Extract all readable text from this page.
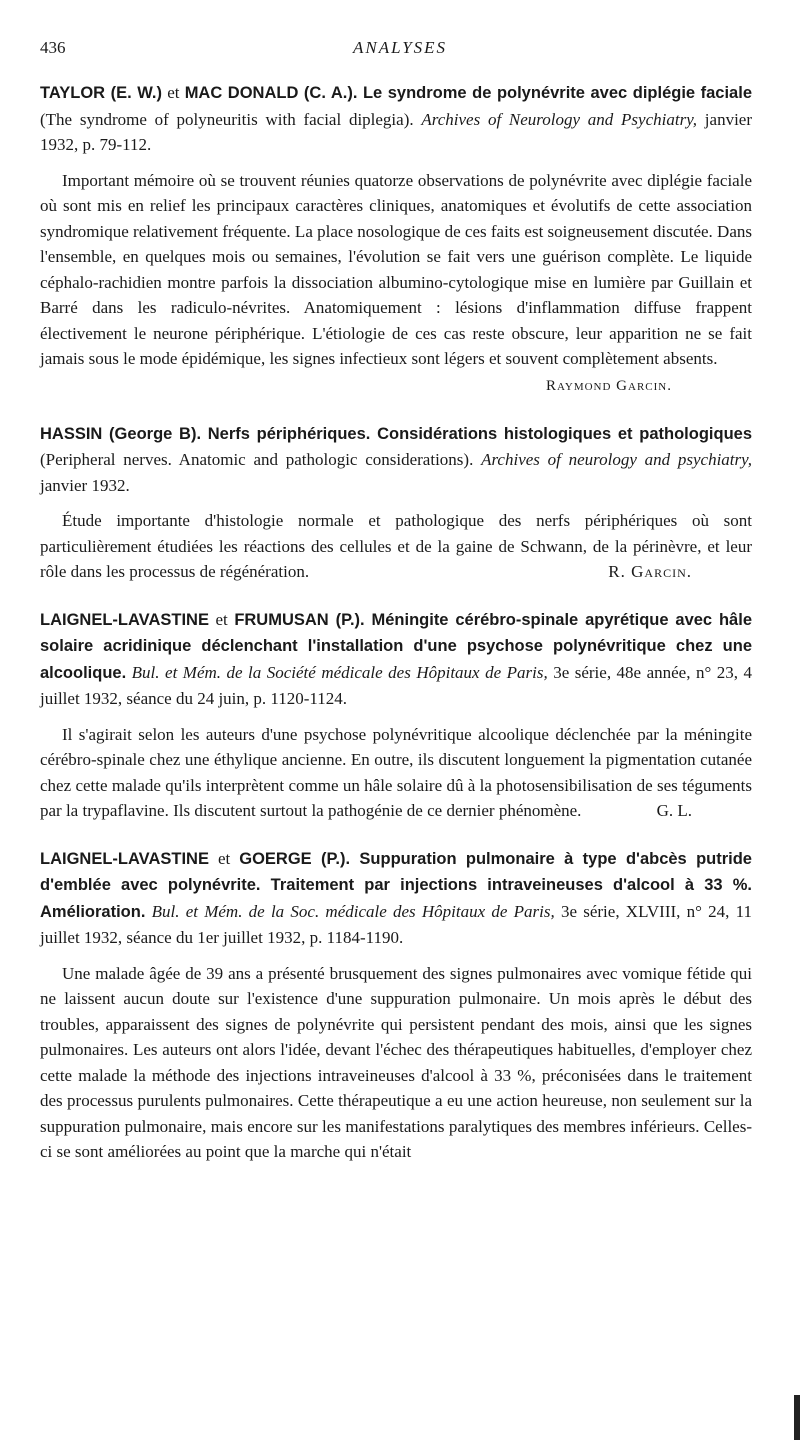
436	ANALYSES

TAYLOR (E. W.) et MAC DONALD (C. A.). Le syndrome de polynévrite avec diplégie faciale (The syndrome of polyneuritis with facial diplegia). Archives of Neurology and Psychiatry, janvier 1932, p. 79-112.

Important mémoire où se trouvent réunies quatorze observations de polynévrite avec diplégie faciale où sont mis en relief les principaux caractères cliniques, anatomiques et évolutifs de cette association syndromique relativement fréquente. La place nosologique de ces faits est soigneusement discutée. Dans l'ensemble, en quelques mois ou semaines, l'évolution se fait vers une guérison complète. Le liquide céphalo-rachidien montre parfois la dissociation albumino-cytologique mise en lumière par Guillain et Barré dans les radiculo-névrites. Anatomiquement : lésions d'inflammation diffuse frappent électivement le neurone périphérique. L'étiologie de ces cas reste obscure, leur apparition ne se fait jamais sous le mode épidémique, les signes infectieux sont légers et souvent complètement absents.

Raymond Garcin.

HASSIN (George B). Nerfs périphériques. Considérations histologiques et pathologiques (Peripheral nerves. Anatomic and pathologic considerations). Archives of neurology and psychiatry, janvier 1932.

Étude importante d'histologie normale et pathologique des nerfs périphériques où sont particulièrement étudiées les réactions des cellules et de la gaine de Schwann, de la périnèvre, et leur rôle dans les processus de régénération.	R. Garcin.

LAIGNEL-LAVASTINE et FRUMUSAN (P.). Méningite cérébro-spinale apyrétique avec hâle solaire acridinique déclenchant l'installation d'une psychose polynévritique chez une alcoolique. Bul. et Mém. de la Société médicale des Hôpitaux de Paris, 3e série, 48e année, n° 23, 4 juillet 1932, séance du 24 juin, p. 1120-1124.

Il s'agirait selon les auteurs d'une psychose polynévritique alcoolique déclenchée par la méningite cérébro-spinale chez une éthylique ancienne. En outre, ils discutent longuement la pigmentation cutanée chez cette malade qu'ils interprètent comme un hâle solaire dû à la photosensibilisation de ses téguments par la trypaflavine. Ils discutent surtout la pathogénie de ce dernier phénomène.	G. L.

LAIGNEL-LAVASTINE et GOERGE (P.). Suppuration pulmonaire à type d'abcès putride d'emblée avec polynévrite. Traitement par injections intraveineuses d'alcool à 33 %. Amélioration. Bul. et Mém. de la Soc. médicale des Hôpitaux de Paris, 3e série, XLVIII, n° 24, 11 juillet 1932, séance du 1er juillet 1932, p. 1184-1190.

Une malade âgée de 39 ans a présenté brusquement des signes pulmonaires avec vomique fétide qui ne laissent aucun doute sur l'existence d'une suppuration pulmonaire. Un mois après le début des troubles, apparaissent des signes de polynévrite qui persistent pendant des mois, ainsi que les signes pulmonaires. Les auteurs ont alors l'idée, devant l'échec des thérapeutiques habituelles, d'employer chez cette malade la méthode des injections intraveineuses d'alcool à 33 %, préconisées dans le traitement des processus purulents pulmonaires. Cette thérapeutique a eu une action heureuse, non seulement sur la suppuration pulmonaire, mais encore sur les manifestations paralytiques des membres inférieurs. Celles-ci se sont améliorées au point que la marche qui n'était
